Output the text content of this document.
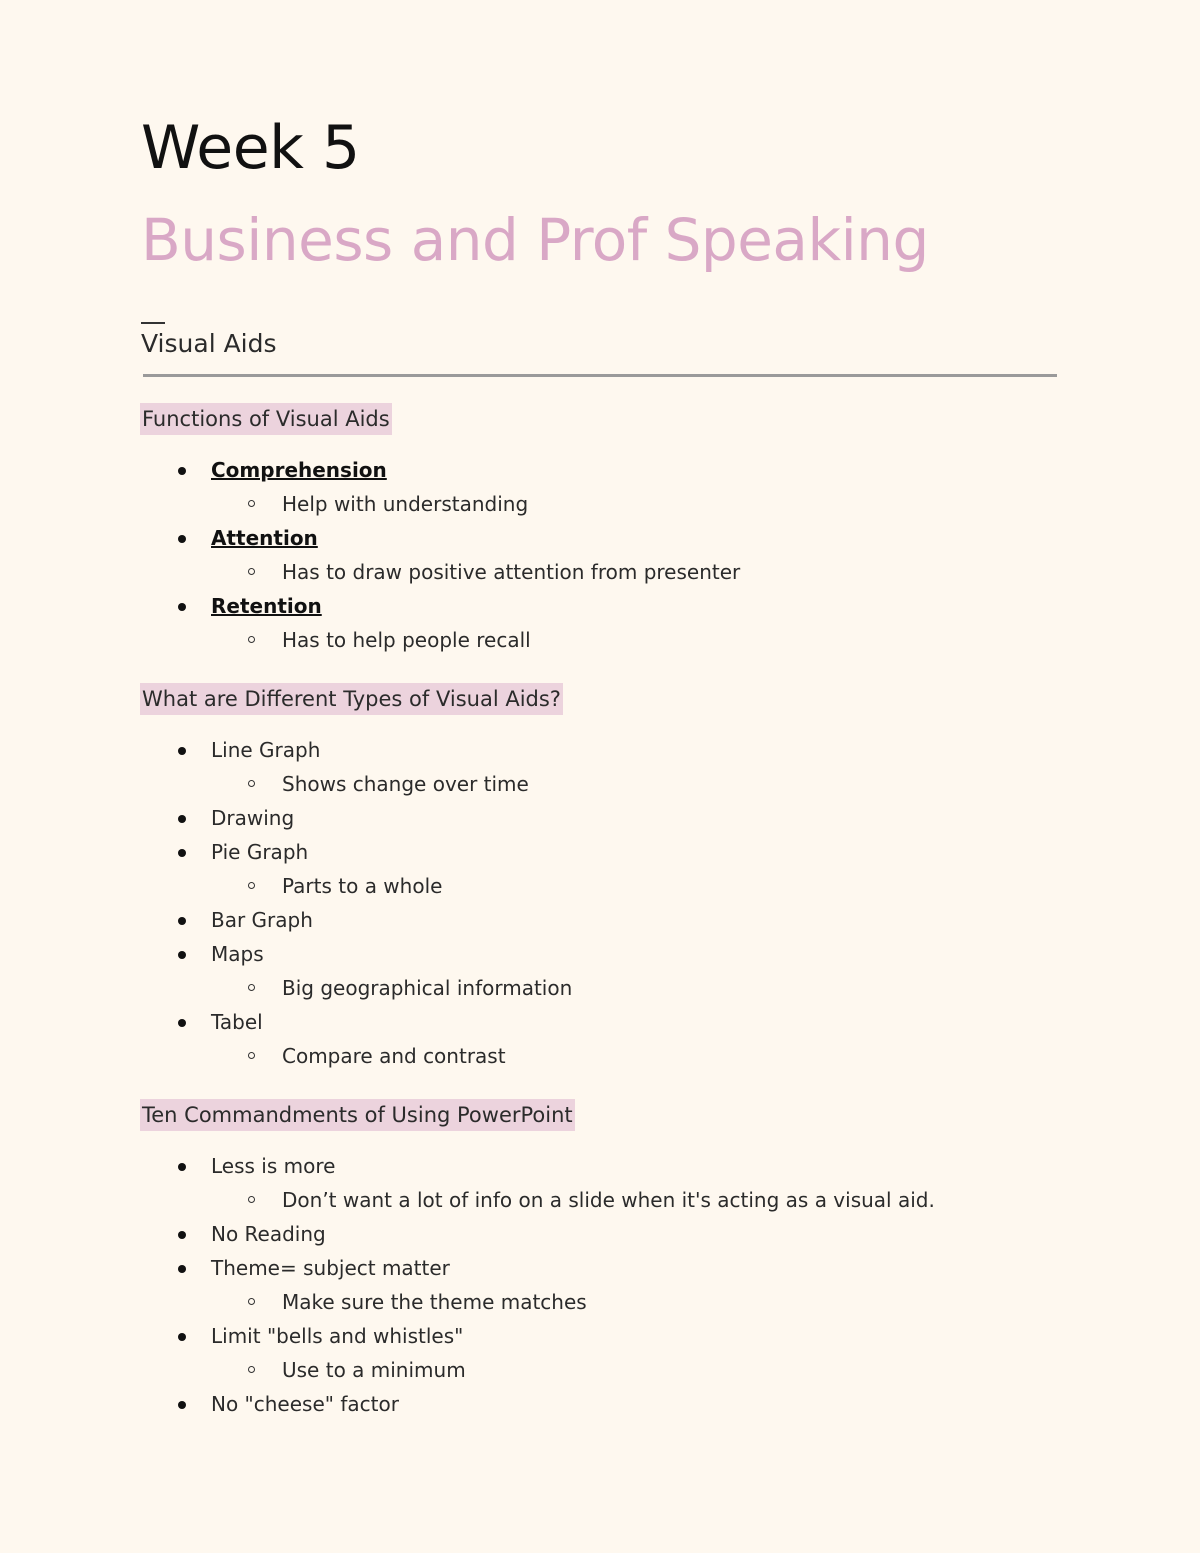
Week 5
Business and Prof Speaking
Visual Aids
Functions of Visual Aids
Comprehension
Help with understanding
Attention
Has to draw positive attention from presenter
Retention
Has to help people recall
What are Different Types of Visual Aids?
Line Graph
Shows change over time
Drawing
Pie Graph
Parts to a whole
Bar Graph
Maps
Big geographical information
Tabel
Compare and contrast
Ten Commandments of Using PowerPoint
Less is more
Don’t want a lot of info on a slide when it's acting as a visual aid.
No Reading
Theme= subject matter
Make sure the theme matches
Limit "bells and whistles"
Use to a minimum
No "cheese" factor
